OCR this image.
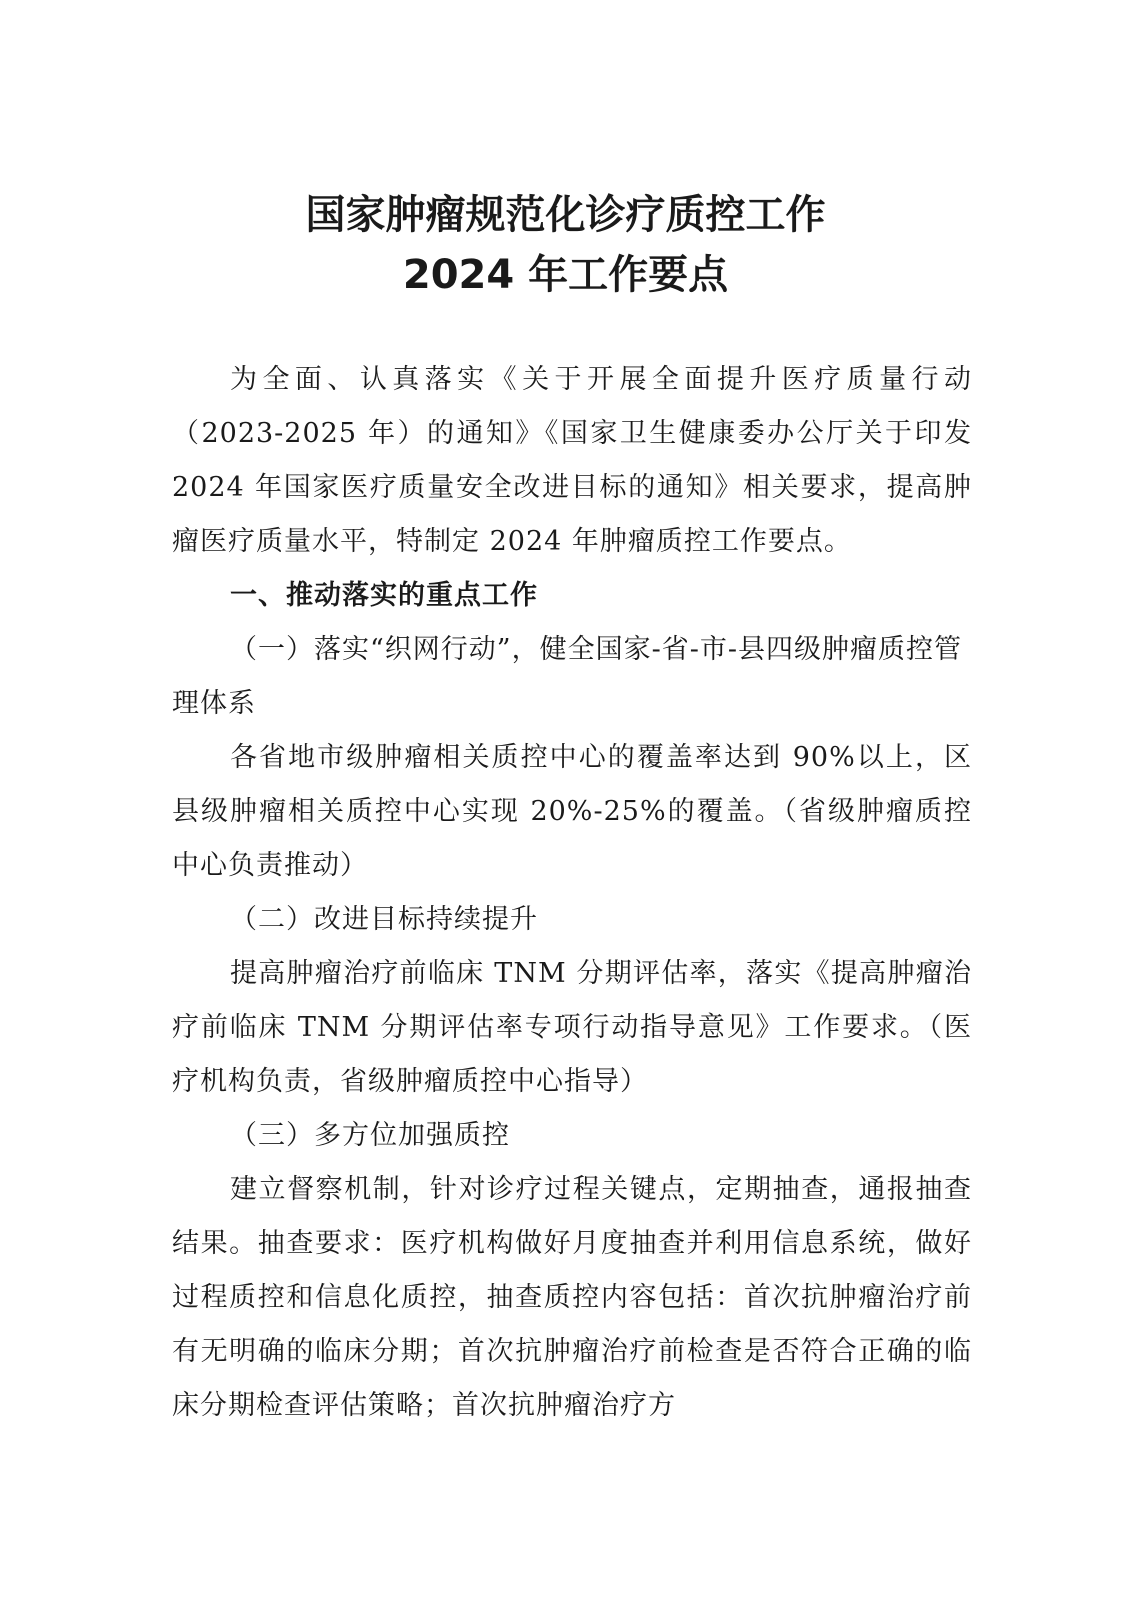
国家肿瘤规范化诊疗质控工作
2024 年工作要点

为全面、认真落实《关于开展全面提升医疗质量行动（2023-2025 年）的通知》《国家卫生健康委办公厅关于印发 2024 年国家医疗质量安全改进目标的通知》相关要求，提高肿瘤医疗质量水平，特制定 2024 年肿瘤质控工作要点。

一、推动落实的重点工作

（一）落实“织网行动”，健全国家-省-市-县四级肿瘤质控管理体系

各省地市级肿瘤相关质控中心的覆盖率达到 90%以上，区县级肿瘤相关质控中心实现 20%-25%的覆盖。（省级肿瘤质控中心负责推动）

（二）改进目标持续提升

提高肿瘤治疗前临床 TNM 分期评估率，落实《提高肿瘤治疗前临床 TNM 分期评估率专项行动指导意见》工作要求。（医疗机构负责，省级肿瘤质控中心指导）

（三）多方位加强质控

建立督察机制，针对诊疗过程关键点，定期抽查，通报抽查结果。抽查要求：医疗机构做好月度抽查并利用信息系统，做好过程质控和信息化质控，抽查质控内容包括：首次抗肿瘤治疗前有无明确的临床分期；首次抗肿瘤治疗前检查是否符合正确的临床分期检查评估策略；首次抗肿瘤治疗方
